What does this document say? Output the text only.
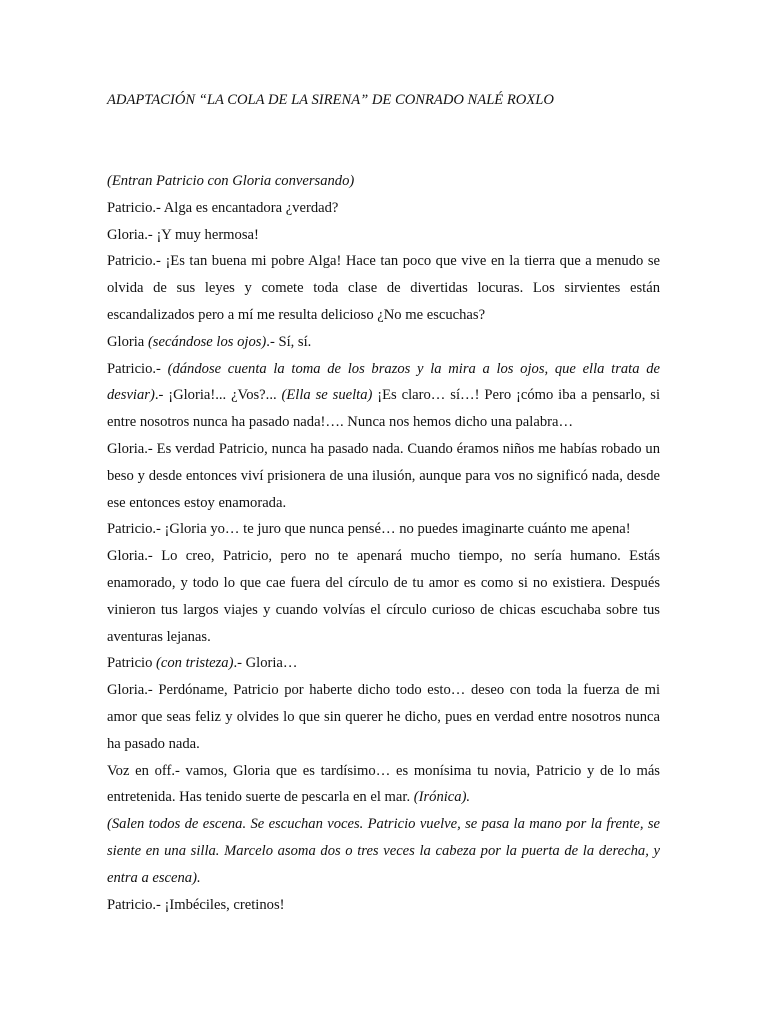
ADAPTACIÓN “LA COLA DE LA SIRENA” DE CONRADO NALÉ ROXLO

(Entran Patricio con Gloria conversando)

Patricio.- Alga es encantadora ¿verdad?

Gloria.- ¡Y muy hermosa!

Patricio.- ¡Es tan buena mi pobre Alga! Hace tan poco que vive en la tierra que a menudo se olvida de sus leyes y comete toda clase de divertidas locuras. Los sirvientes están escandalizados pero a mí me resulta delicioso ¿No me escuchas?

Gloria (secándose los ojos).- Sí, sí.

Patricio.- (dándose cuenta la toma de los brazos y la mira a los ojos, que ella trata de desviar).- ¡Gloria!... ¿Vos?... (Ella se suelta) ¡Es claro… sí…! Pero ¡cómo iba a pensarlo, si entre nosotros nunca ha pasado nada!…. Nunca nos hemos dicho una palabra…

Gloria.- Es verdad Patricio, nunca ha pasado nada. Cuando éramos niños me habías robado un beso y desde entonces viví prisionera de una ilusión, aunque para vos no significó nada, desde ese entonces estoy enamorada.

Patricio.- ¡Gloria yo… te juro que nunca pensé… no puedes imaginarte cuánto me apena!

Gloria.- Lo creo, Patricio, pero no te apenará mucho tiempo, no sería humano. Estás enamorado, y todo lo que cae fuera del círculo de tu amor es como si no existiera. Después vinieron tus largos viajes y cuando volvías el círculo curioso de chicas escuchaba sobre tus aventuras lejanas.

Patricio (con tristeza).- Gloria…

Gloria.- Perdóname, Patricio por haberte dicho todo esto… deseo con toda la fuerza de mi amor que seas feliz y olvides lo que sin querer he dicho, pues en verdad entre nosotros nunca ha pasado nada.

Voz en off.- vamos, Gloria que es tardísimo… es monísima tu novia, Patricio y de lo más entretenida. Has tenido suerte de pescarla en el mar. (Irónica).

(Salen todos de escena. Se escuchan voces. Patricio vuelve, se pasa la mano por la frente, se siente en una silla. Marcelo asoma dos o tres veces la cabeza por la puerta de la derecha, y entra a escena).

Patricio.- ¡Imbéciles, cretinos!
